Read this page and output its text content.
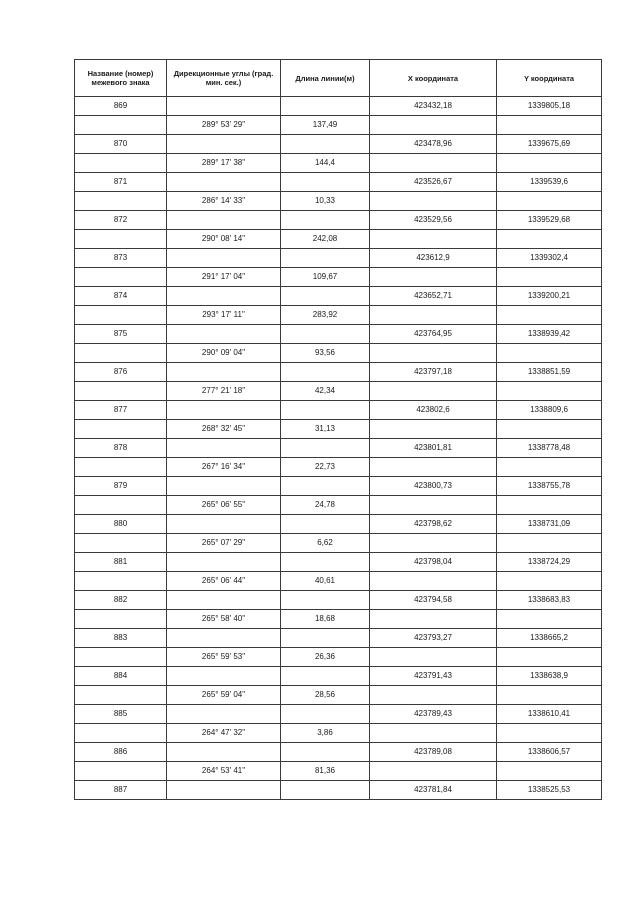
Название (номер) межевого знака	Дирекционные углы (град. мин. сек.)	Длина линии(м)	X координата	Y координата
869			423432,18	1339805,18
	289° 53' 29"	137,49		
870			423478,96	1339675,69
	289° 17' 38"	144,4		
871			423526,67	1339539,6
	286° 14' 33"	10,33		
872			423529,56	1339529,68
	290° 08' 14"	242,08		
873			423612,9	1339302,4
	291° 17' 04"	109,67		
874			423652,71	1339200,21
	293° 17' 11"	283,92		
875			423764,95	1338939,42
	290° 09' 04"	93,56		
876			423797,18	1338851,59
	277° 21' 18"	42,34		
877			423802,6	1338809,6
	268° 32' 45"	31,13		
878			423801,81	1338778,48
	267° 16' 34"	22,73		
879			423800,73	1338755,78
	265° 06' 55"	24,78		
880			423798,62	1338731,09
	265° 07' 29"	6,62		
881			423798,04	1338724,29
	265° 06' 44"	40,61		
882			423794,58	1338683,83
	265° 58' 40"	18,68		
883			423793,27	1338665,2
	265° 59' 53"	26,36		
884			423791,43	1338638,9
	265° 59' 04"	28,56		
885			423789,43	1338610,41
	264° 47' 32"	3,86		
886			423789,08	1338606,57
	264° 53' 41"	81,36		
887			423781,84	1338525,53
